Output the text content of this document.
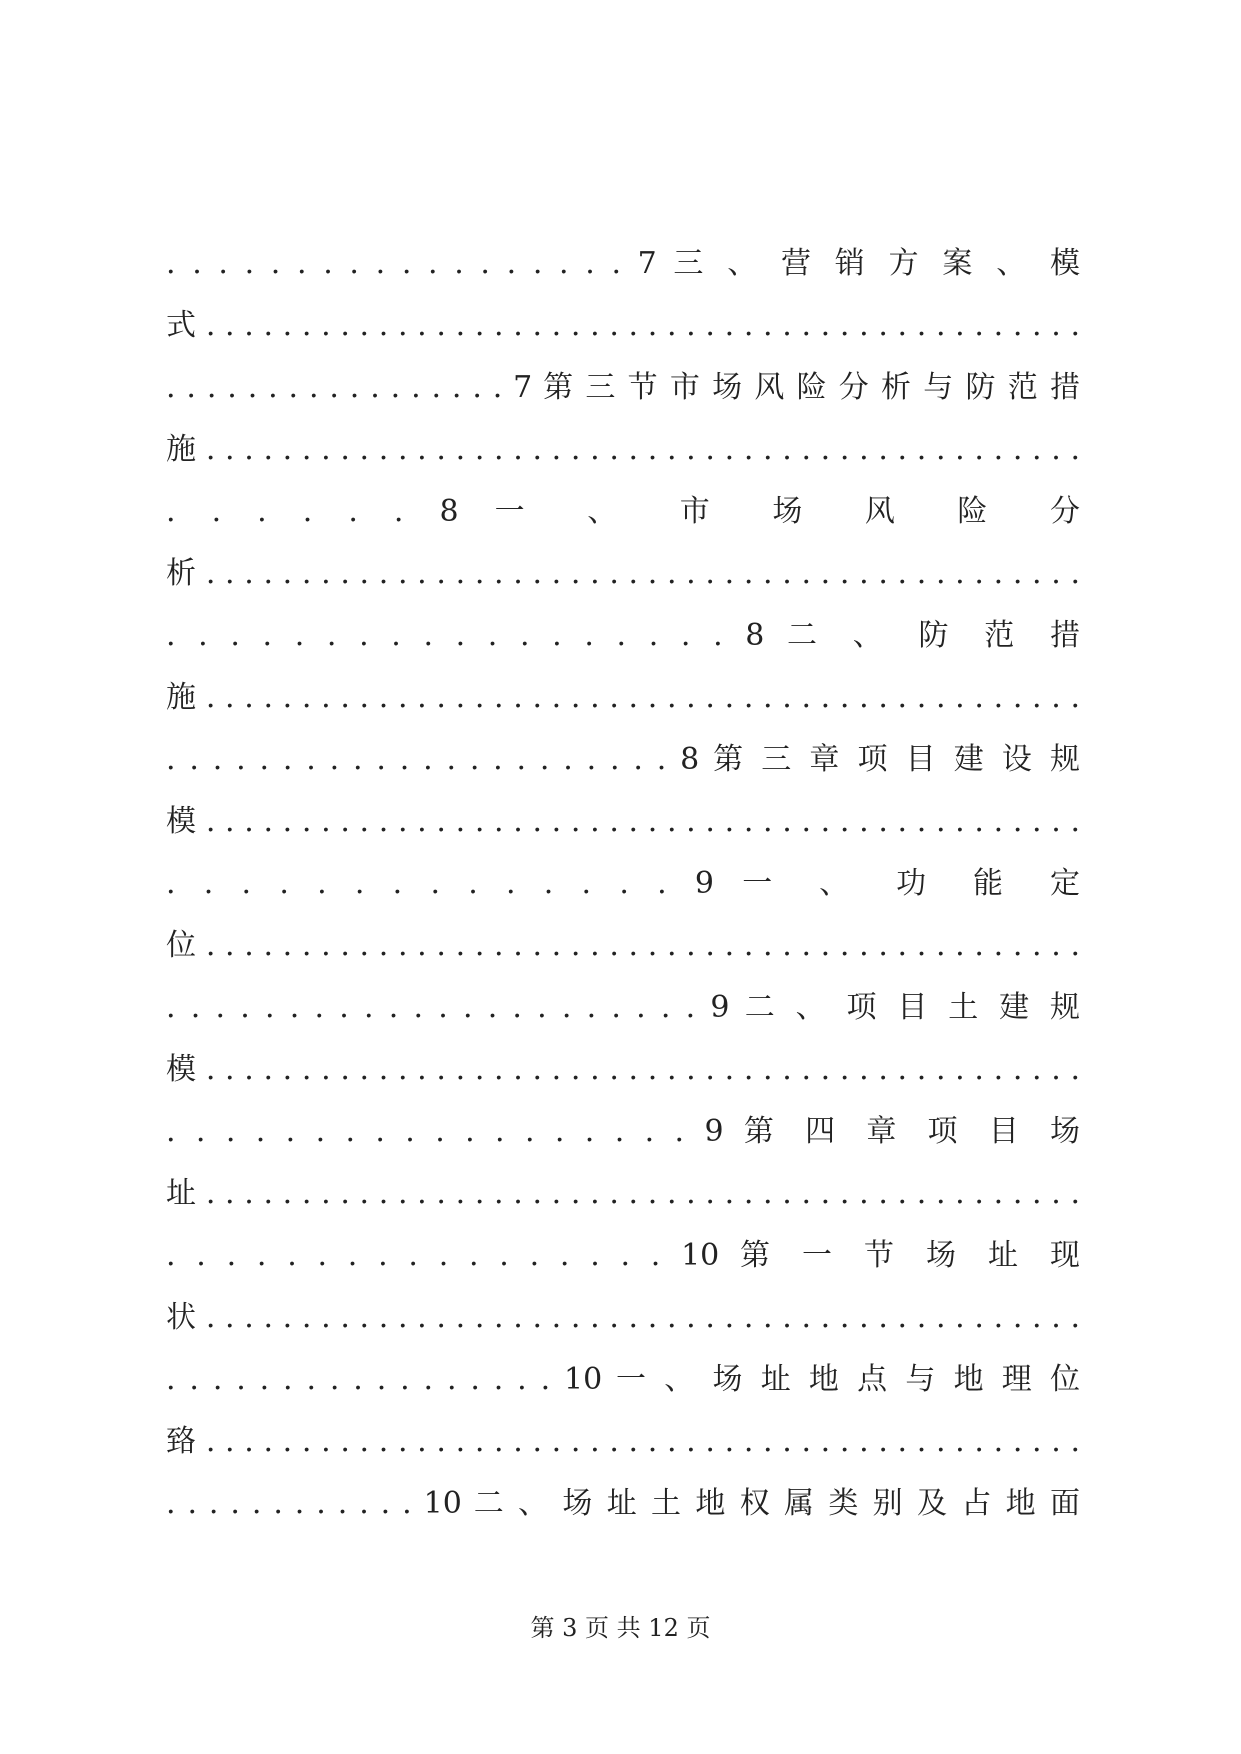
. . . . . . . . . . . . . . . . . . 7 三 、 营 销 方 案 、 模
式 . . . . . . . . . . . . . . . . . . . . . . . . . . . . . . . . . . . . . . . . . . . . . .
. . . . . . . . . . . . . . . . . 7 第 三 节 市 场 风 险 分 析 与 防 范 措
施 . . . . . . . . . . . . . . . . . . . . . . . . . . . . . . . . . . . . . . . . . . . . . .
. . . . . . 8 一 、 市 场 风 险 分
析 . . . . . . . . . . . . . . . . . . . . . . . . . . . . . . . . . . . . . . . . . . . . . .
. . . . . . . . . . . . . . . . . . 8 二 、 防 范 措
施 . . . . . . . . . . . . . . . . . . . . . . . . . . . . . . . . . . . . . . . . . . . . . .
. . . . . . . . . . . . . . . . . . . . . . 8 第 三 章 项 目 建 设 规
模 . . . . . . . . . . . . . . . . . . . . . . . . . . . . . . . . . . . . . . . . . . . . . .
. . . . . . . . . . . . . . 9 一 、 功 能 定
位 . . . . . . . . . . . . . . . . . . . . . . . . . . . . . . . . . . . . . . . . . . . . . .
. . . . . . . . . . . . . . . . . . . . . . 9 二 、 项 目 土 建 规
模 . . . . . . . . . . . . . . . . . . . . . . . . . . . . . . . . . . . . . . . . . . . . . .
. . . . . . . . . . . . . . . . . . 9 第 四 章 项 目 场
址 . . . . . . . . . . . . . . . . . . . . . . . . . . . . . . . . . . . . . . . . . . . . . .
. . . . . . . . . . . . . . . . . 10 第 一 节 场 址 现
状 . . . . . . . . . . . . . . . . . . . . . . . . . . . . . . . . . . . . . . . . . . . . . .
. . . . . . . . . . . . . . . . . 10 一 、 场 址 地 点 与 地 理 位
臵 . . . . . . . . . . . . . . . . . . . . . . . . . . . . . . . . . . . . . . . . . . . . . .
. . . . . . . . . . . . 10 二 、 场 址 土 地 权 属 类 别 及 占 地 面
第 3 页 共 12 页
